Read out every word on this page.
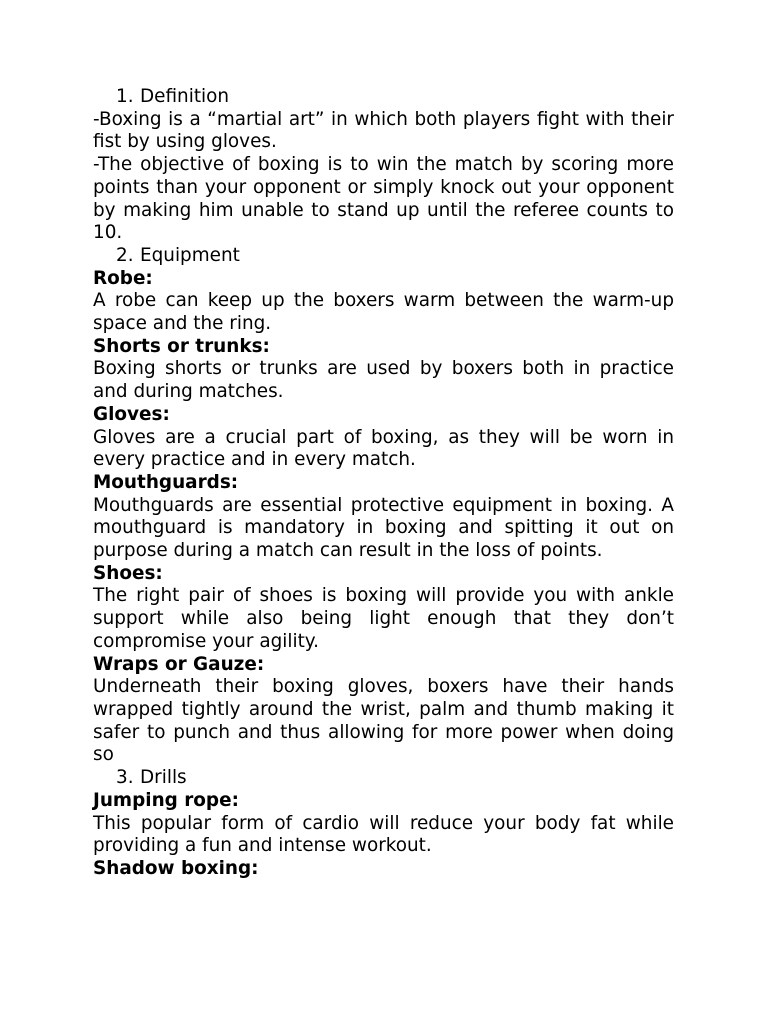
1. Definition
-Boxing is a “martial art” in which both players fight with their fist by using gloves.
-The objective of boxing is to win the match by scoring more points than your opponent or simply knock out your opponent by making him unable to stand up until the referee counts to 10.
2. Equipment
Robe:
A robe can keep up the boxers warm between the warm-up space and the ring.
Shorts or trunks:
Boxing shorts or trunks are used by boxers both in practice and during matches.
Gloves:
Gloves are a crucial part of boxing, as they will be worn in every practice and in every match.
Mouthguards:
Mouthguards are essential protective equipment in boxing. A mouthguard is mandatory in boxing and spitting it out on purpose during a match can result in the loss of points.
Shoes:
The right pair of shoes is boxing will provide you with ankle support while also being light enough that they don’t compromise your agility.
Wraps or Gauze:
Underneath their boxing gloves, boxers have their hands wrapped tightly around the wrist, palm and thumb making it safer to punch and thus allowing for more power when doing so
3. Drills
Jumping rope:
This popular form of cardio will reduce your body fat while providing a fun and intense workout.
Shadow boxing:
